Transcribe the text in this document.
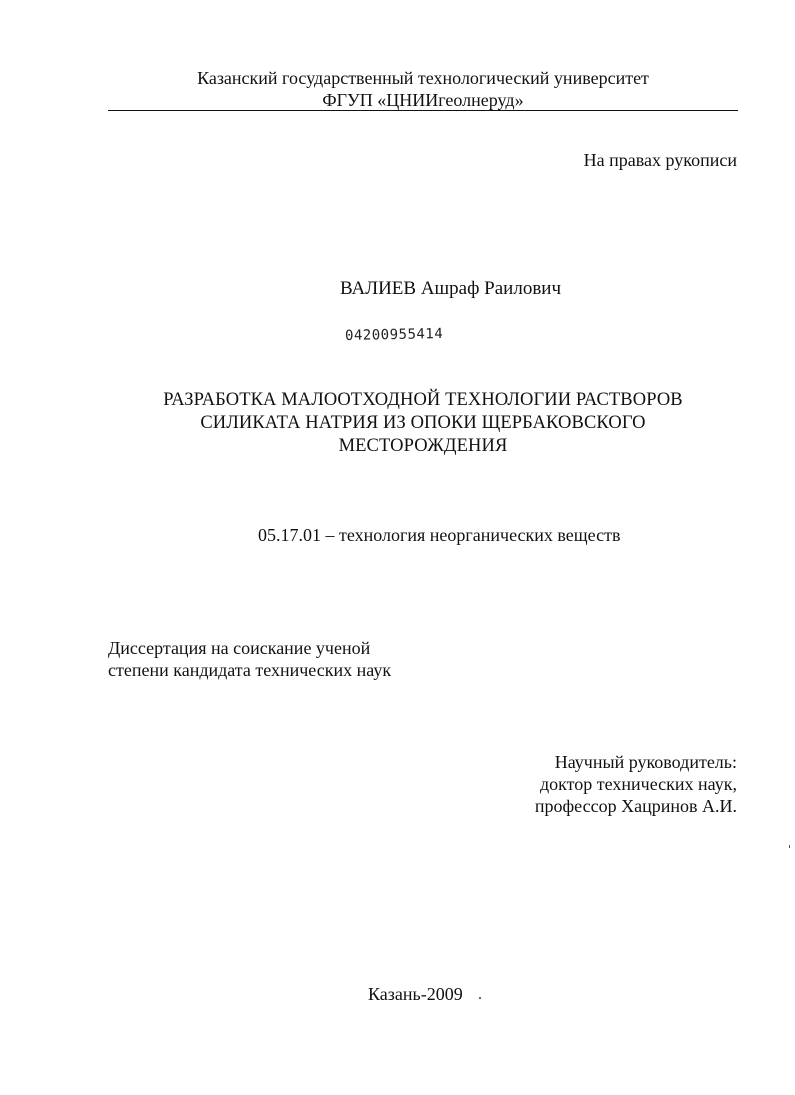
Казанский государственный технологический университет

ФГУП «ЦНИИгеолнеруд»

На правах рукописи

ВАЛИЕВ Ашраф Раилович

04200955414

РАЗРАБОТКА МАЛООТХОДНОЙ ТЕХНОЛОГИИ РАСТВОРОВ
СИЛИКАТА НАТРИЯ ИЗ ОПОКИ ЩЕРБАКОВСКОГО
МЕСТОРОЖДЕНИЯ

05.17.01 – технология неорганических веществ

Диссертация на соискание ученой
степени кандидата технических наук
Научный руководитель:
доктор технических наук,
профессор Хацринов А.И.

Казань-2009
